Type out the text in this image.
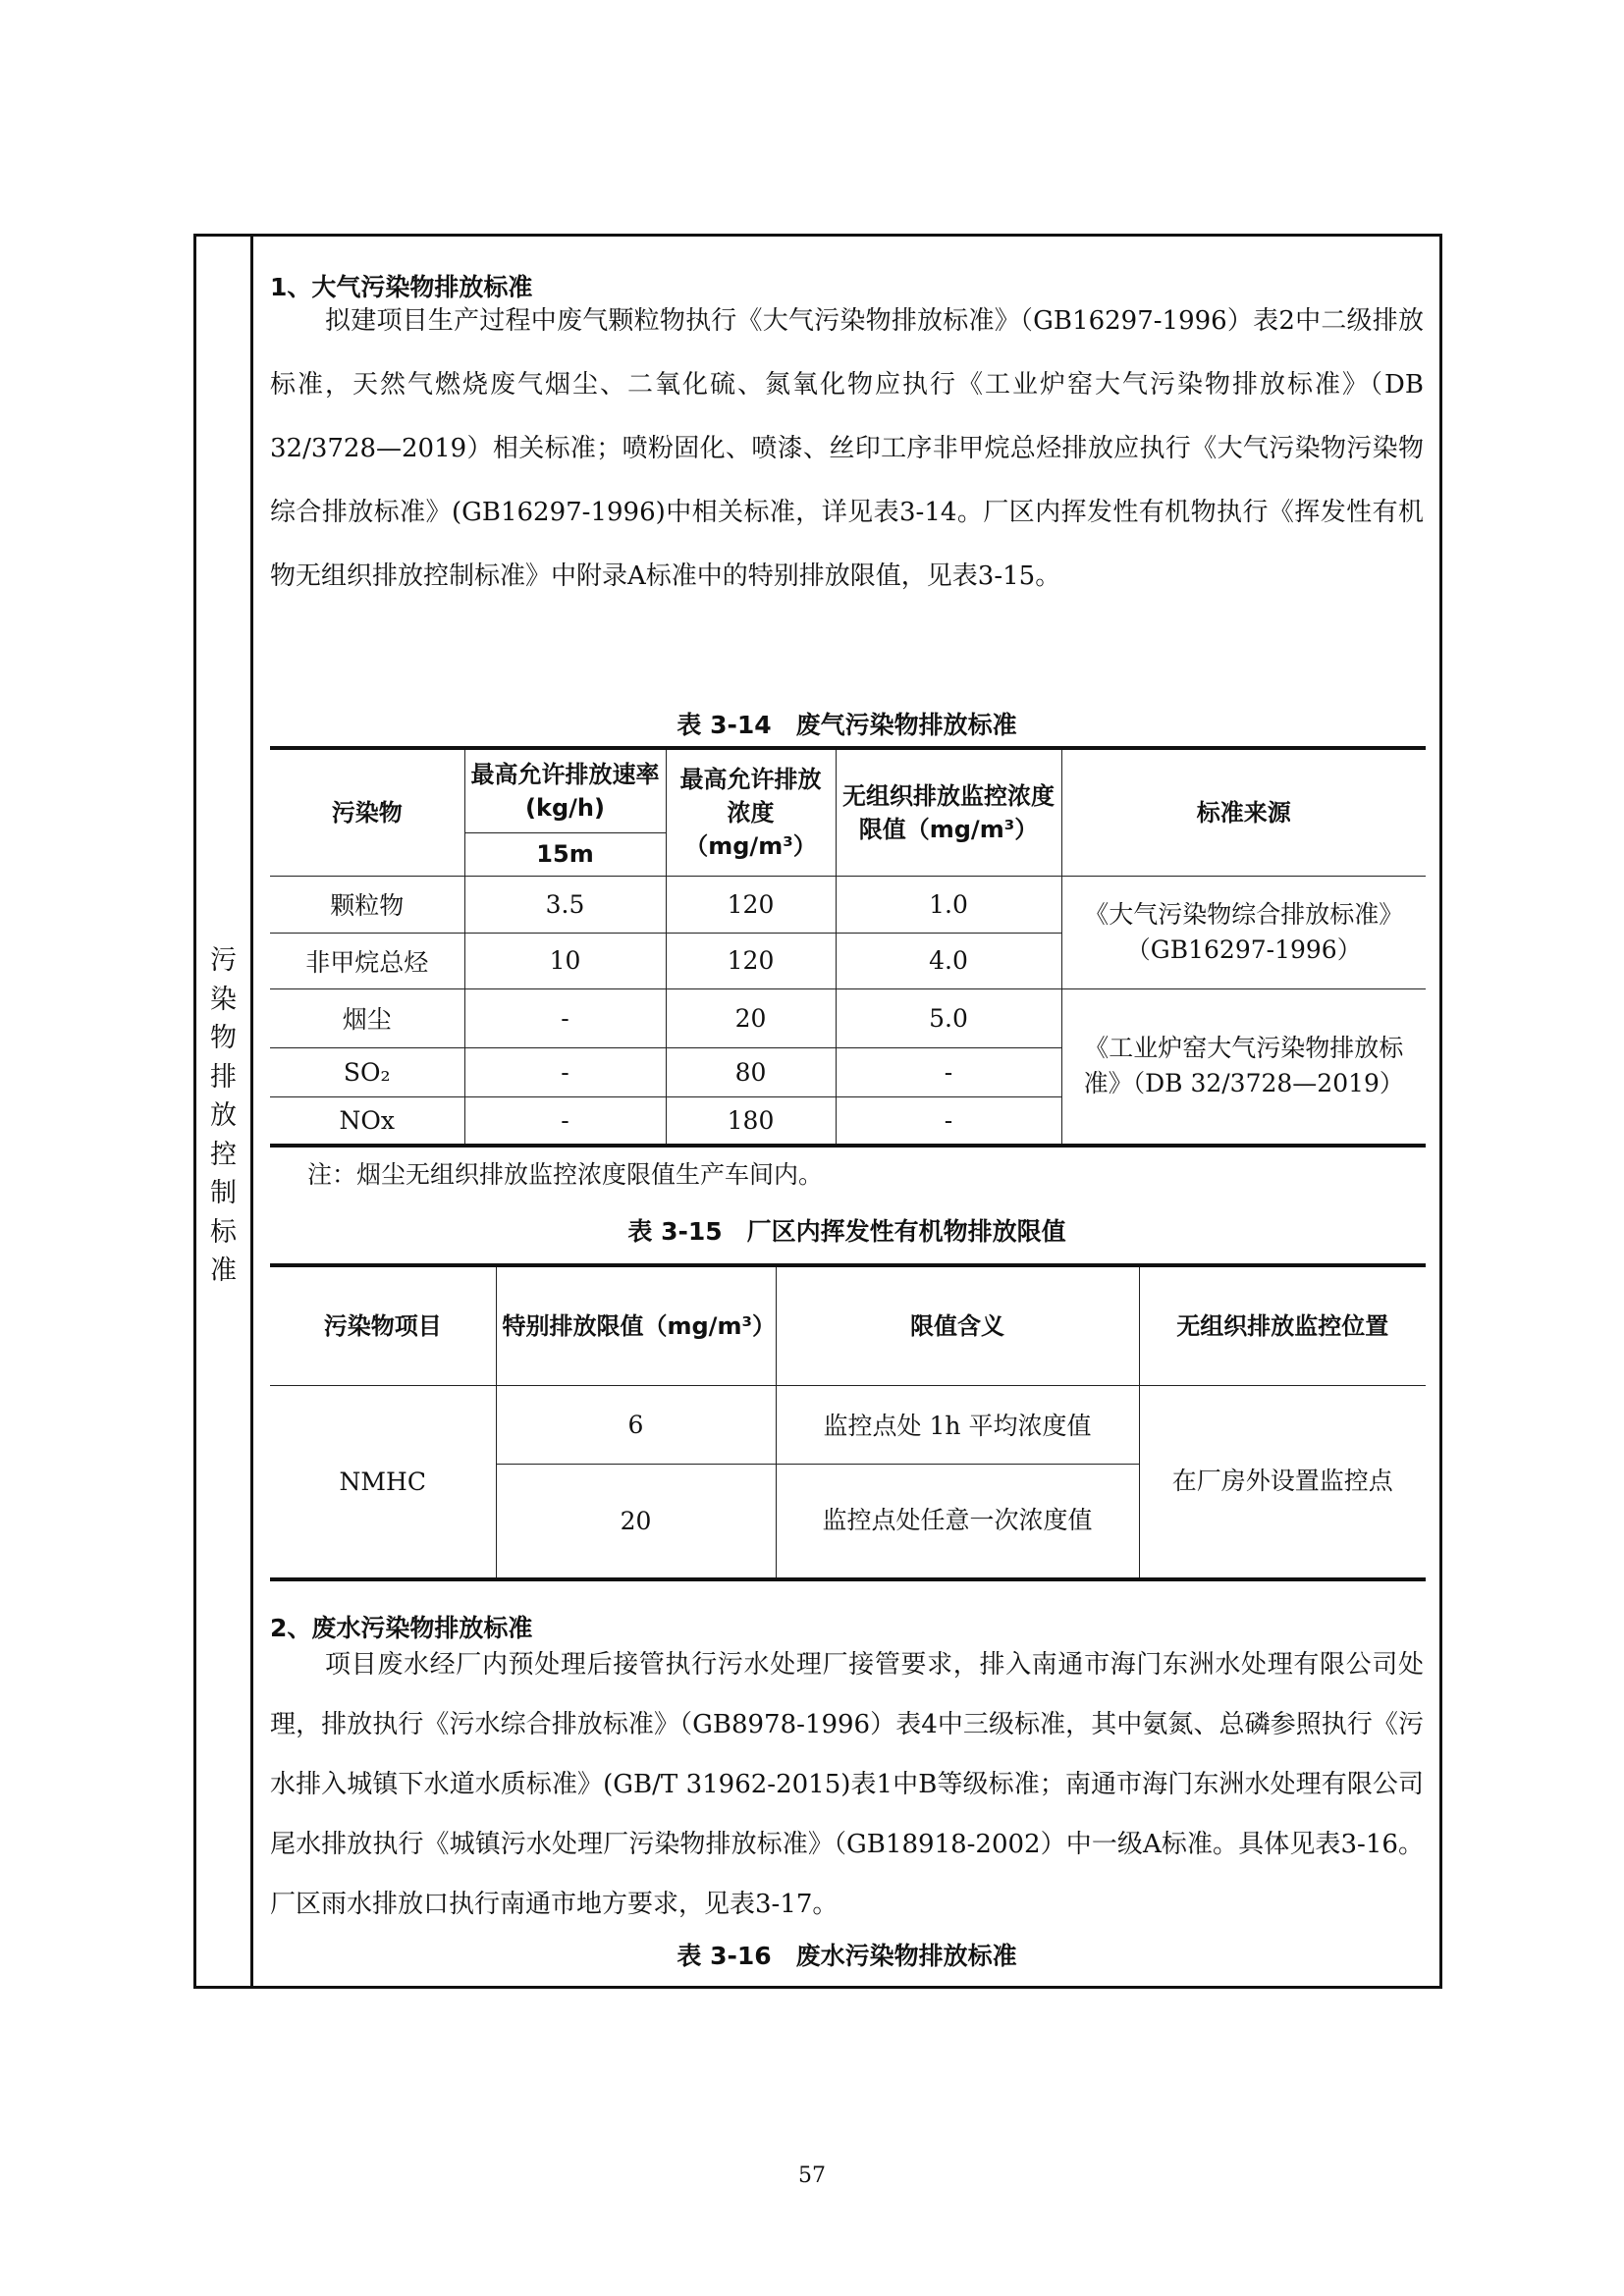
污
染
物
排
放
控
制
标
准
1、大气污染物排放标准

拟建项目生产过程中废气颗粒物执行《大气污染物排放标准》（GB16297-1996）表2中二级排放标准，天然气燃烧废气烟尘、二氧化硫、氮氧化物应执行《工业炉窑大气污染物排放标准》（DB 32/3728—2019）相关标准；喷粉固化、喷漆、丝印工序非甲烷总烃排放应执行《大气污染物污染物综合排放标准》(GB16297-1996)中相关标准，详见表3-14。厂区内挥发性有机物执行《挥发性有机物无组织排放控制标准》中附录A标准中的特别排放限值，见表3-15。

表 3-14　废气污染物排放标准
污染物	最高允许排放速率(kg/h)	最高允许排放浓度（mg/m³）	无组织排放监控浓度限值（mg/m³）	标准来源
	15m			
颗粒物	3.5	120	1.0	《大气污染物综合排放标准》（GB16297-1996）
非甲烷总烃	10	120	4.0	
烟尘	-	20	5.0	《工业炉窑大气污染物排放标准》（DB 32/3728—2019）
SO₂	-	80	-	
NOx	-	180	-	
注：烟尘无组织排放监控浓度限值生产车间内。
表 3-15　厂区内挥发性有机物排放限值
污染物项目	特别排放限值（mg/m³）	限值含义	无组织排放监控位置
NMHC	6	监控点处 1h 平均浓度值	在厂房外设置监控点
	20	监控点处任意一次浓度值	
2、废水污染物排放标准

项目废水经厂内预处理后接管执行污水处理厂接管要求，排入南通市海门东洲水处理有限公司处理，排放执行《污水综合排放标准》（GB8978-1996）表4中三级标准，其中氨氮、总磷参照执行《污水排入城镇下水道水质标准》(GB/T 31962-2015)表1中B等级标准；南通市海门东洲水处理有限公司尾水排放执行《城镇污水处理厂污染物排放标准》（GB18918-2002）中一级A标准。具体见表3-16。厂区雨水排放口执行南通市地方要求，见表3-17。

表 3-16　废水污染物排放标准
57
